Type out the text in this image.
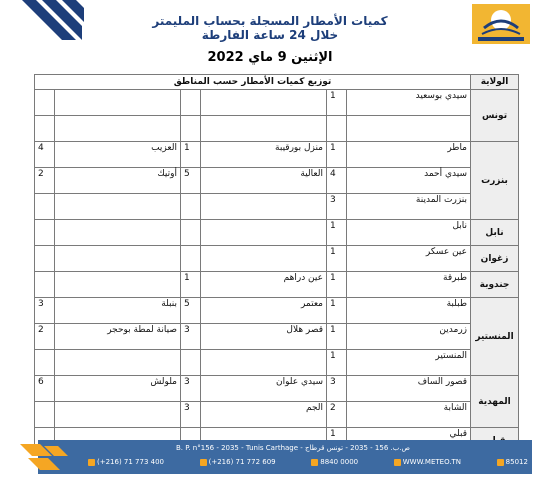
كميات الأمطار المسجلة بحساب المليمتر
خلال 24 ساعة الفارطة
الإثنين 9 ماي 2022
توزيع كميات الأمطار حسب المناطق						الولاية
				1	سيدي بوسعيد	تونس

4	العزيب	1	منزل بورقيبة	1	ماطر	بنزرت
2	أوتيك	5	العالية	4	سيدي أحمد	
				3	بنزرت المدينة	
				1	نابل	نابل
				1	عين عسكر	زغوان
		1	عين دراهم	1	طبرقة	جندوبة
3	بنبلة	5	معتمر	1	طبلبة	المنستير
2	صيانة لمطة بوحجر	3	قصر هلال	1	زرمدين	
				1	المنستير	
6	ملولش	3	سيدي علوان	3	قصور الساف	المهدية
		3	الجم	2	الشابة	
				1	قبلي	
B. P. n°156 - 2035 - Tunis Carthage - ص.ب. 156 - 2035 - تونس قرطاج
(+216) 71 773 400	(+216) 71 772 609	8840 0000	WWW.METEO.TN	85012
